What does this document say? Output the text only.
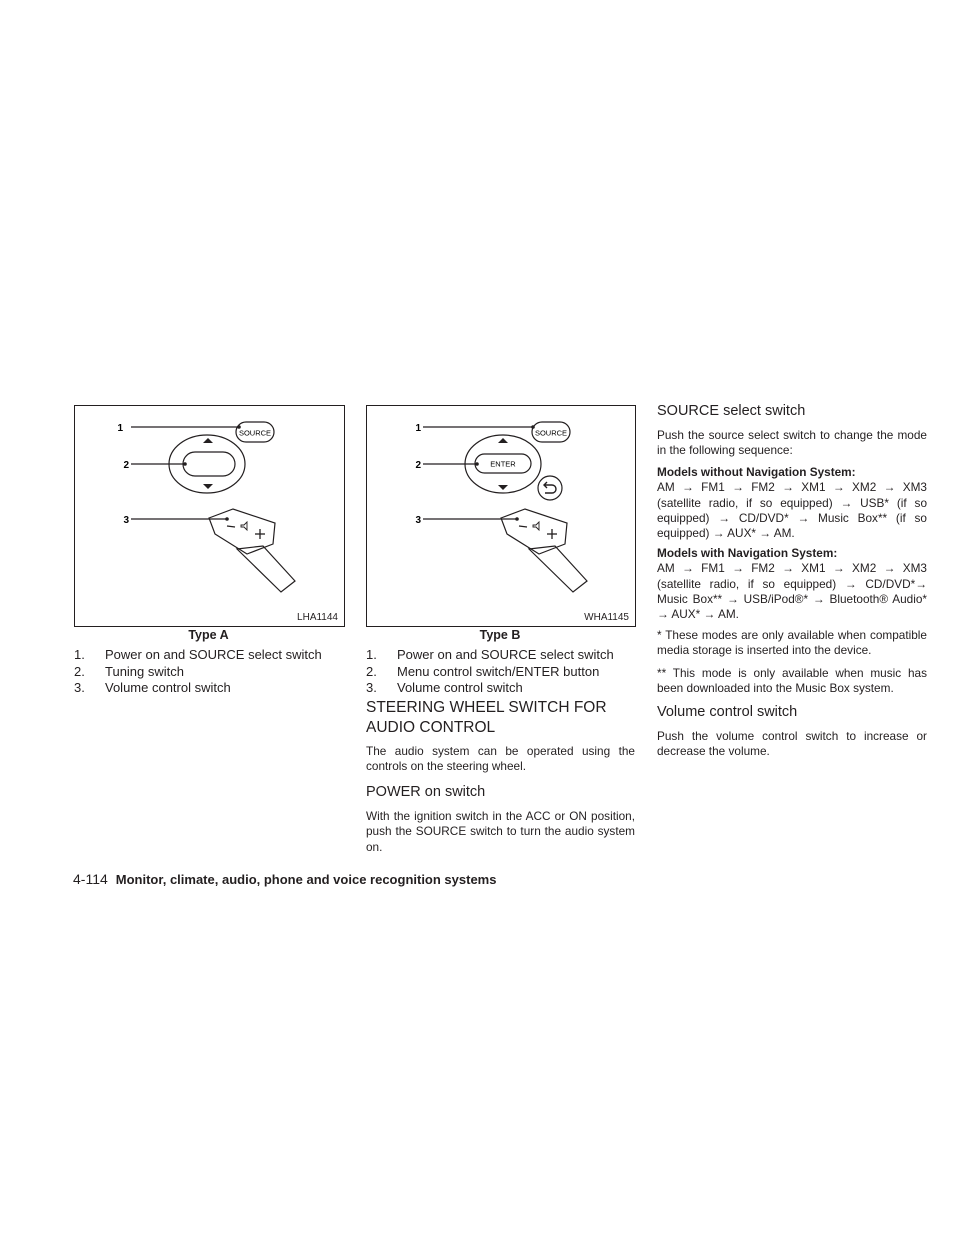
1
2
3
SOURCE
LHA1144
Type A
1. Power on and SOURCE select switch
2. Tuning switch
3. Volume control switch
1
2
3
SOURCE
ENTER
WHA1145
Type B
1. Power on and SOURCE select switch
2. Menu control switch/ENTER button
3. Volume control switch
STEERING WHEEL SWITCH FOR AUDIO CONTROL

The audio system can be operated using the controls on the steering wheel.

POWER on switch

With the ignition switch in the ACC or ON position, push the SOURCE switch to turn the audio system on.

SOURCE select switch

Push the source select switch to change the mode in the following sequence:

Models without Navigation System:
AM → FM1 → FM2 → XM1 → XM2 → XM3 (satellite radio, if so equipped) → USB* (if so equipped) → CD/DVD* → Music Box** (if so equipped) → AUX* → AM.

Models with Navigation System:
AM → FM1 → FM2 → XM1 → XM2 → XM3 (satellite radio, if so equipped) → CD/DVD*→ Music Box** → USB/iPod®* → Bluetooth® Audio* → AUX* → AM.

* These modes are only available when compatible media storage is inserted into the device.

** This mode is only available when music has been downloaded into the Music Box system.

Volume control switch

Push the volume control switch to increase or decrease the volume.

4-114 Monitor, climate, audio, phone and voice recognition systems
